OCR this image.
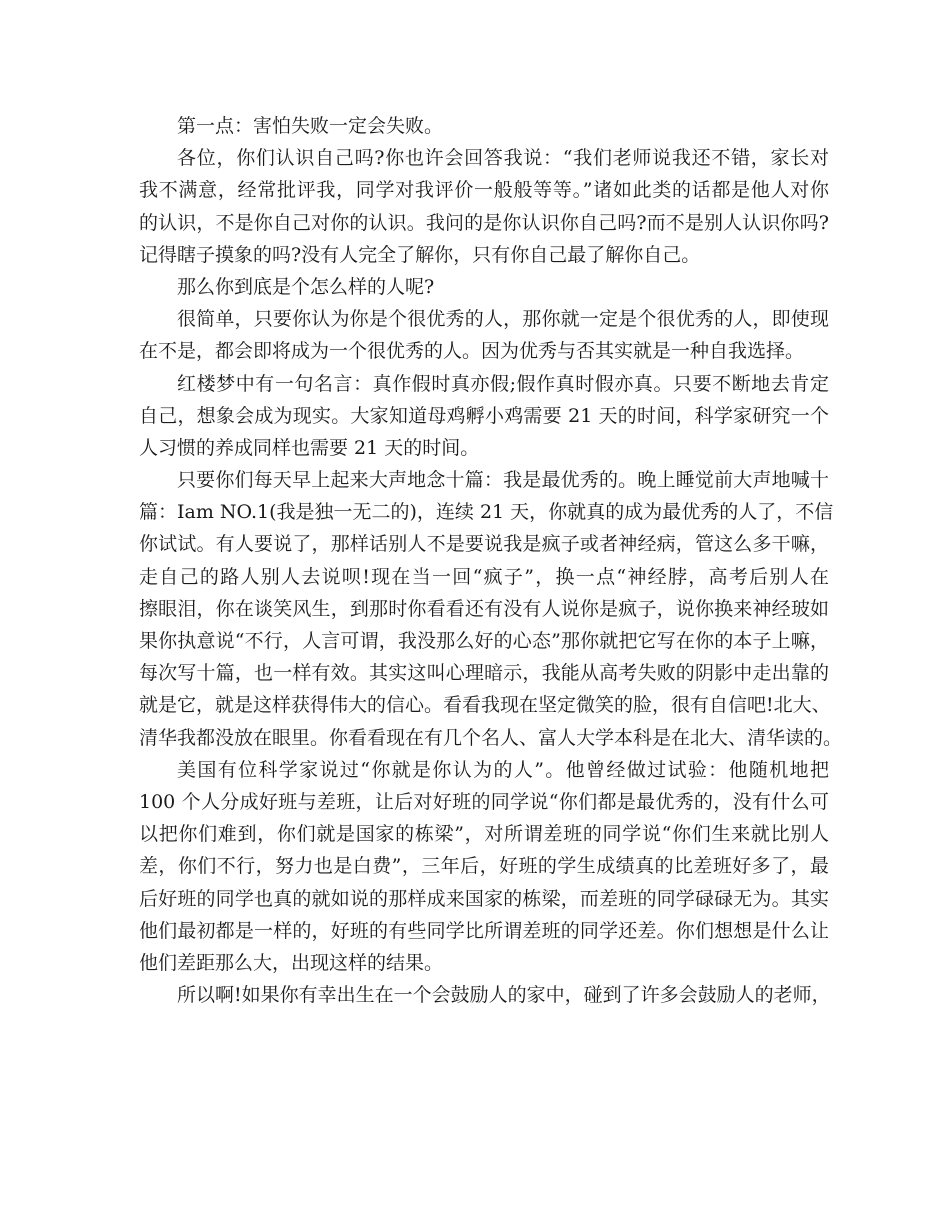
第一点：害怕失败一定会失败。
各位，你们认识自己吗?你也许会回答我说：“我们老师说我还不错，家长对
我不满意，经常批评我，同学对我评价一般般等等。”诸如此类的话都是他人对你
的认识，不是你自己对你的认识。我问的是你认识你自己吗?而不是别人认识你吗?
记得瞎子摸象的吗?没有人完全了解你，只有你自己最了解你自己。
那么你到底是个怎么样的人呢?
很简单，只要你认为你是个很优秀的人，那你就一定是个很优秀的人，即使现
在不是，都会即将成为一个很优秀的人。因为优秀与否其实就是一种自我选择。
红楼梦中有一句名言：真作假时真亦假;假作真时假亦真。只要不断地去肯定
自己，想象会成为现实。大家知道母鸡孵小鸡需要 21 天的时间，科学家研究一个
人习惯的养成同样也需要 21 天的时间。
只要你们每天早上起来大声地念十篇：我是最优秀的。晚上睡觉前大声地喊十
篇：Iam NO.1(我是独一无二的)，连续 21 天，你就真的成为最优秀的人了，不信
你试试。有人要说了，那样话别人不是要说我是疯子或者神经病，管这么多干嘛，
走自己的路人别人去说呗!现在当一回“疯子”，换一点“神经脖，高考后别人在
擦眼泪，你在谈笑风生，到那时你看看还有没有人说你是疯子，说你换来神经玻如
果你执意说“不行，人言可谓，我没那么好的心态”那你就把它写在你的本子上嘛，
每次写十篇，也一样有效。其实这叫心理暗示，我能从高考失败的阴影中走出靠的
就是它，就是这样获得伟大的信心。看看我现在坚定微笑的脸，很有自信吧!北大、
清华我都没放在眼里。你看看现在有几个名人、富人大学本科是在北大、清华读的。
美国有位科学家说过“你就是你认为的人”。他曾经做过试验：他随机地把
100 个人分成好班与差班，让后对好班的同学说“你们都是最优秀的，没有什么可
以把你们难到，你们就是国家的栋梁”，对所谓差班的同学说“你们生来就比别人
差，你们不行，努力也是白费”，三年后，好班的学生成绩真的比差班好多了，最
后好班的同学也真的就如说的那样成来国家的栋梁，而差班的同学碌碌无为。其实
他们最初都是一样的，好班的有些同学比所谓差班的同学还差。你们想想是什么让
他们差距那么大，出现这样的结果。
所以啊!如果你有幸出生在一个会鼓励人的家中，碰到了许多会鼓励人的老师，
